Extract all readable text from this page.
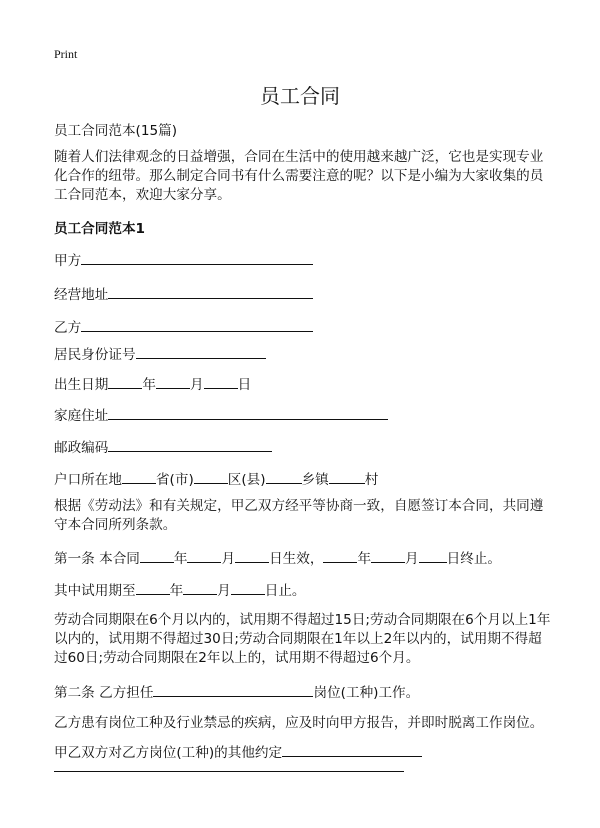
Print
员工合同
员工合同范本(15篇)
随着人们法律观念的日益增强，合同在生活中的使用越来越广泛，它也是实现专业
化合作的纽带。那么制定合同书有什么需要注意的呢？以下是小编为大家收集的员
工合同范本，欢迎大家分享。
员工合同范本1
甲方
经营地址
乙方
居民身份证号
出生日期	年	月	日
家庭住址
邮政编码
户口所在地	省(市)	区(县)	乡镇	村
根据《劳动法》和有关规定，甲乙双方经平等协商一致，自愿签订本合同，共同遵
守本合同所列条款。
第一条 本合同	年	月	日生效，	年	月 日终止。
其中试用期至	年	月	日止。
劳动合同期限在6个月以内的，试用期不得超过15日;劳动合同期限在6个月以上1年
以内的，试用期不得超过30日;劳动合同期限在1年以上2年以内的，试用期不得超
过60日;劳动合同期限在2年以上的，试用期不得超过6个月。
第二条 乙方担任	岗位(工种)工作。
乙方患有岗位工种及行业禁忌的疾病，应及时向甲方报告，并即时脱离工作岗位。
甲乙双方对乙方岗位(工种)的其他约定
